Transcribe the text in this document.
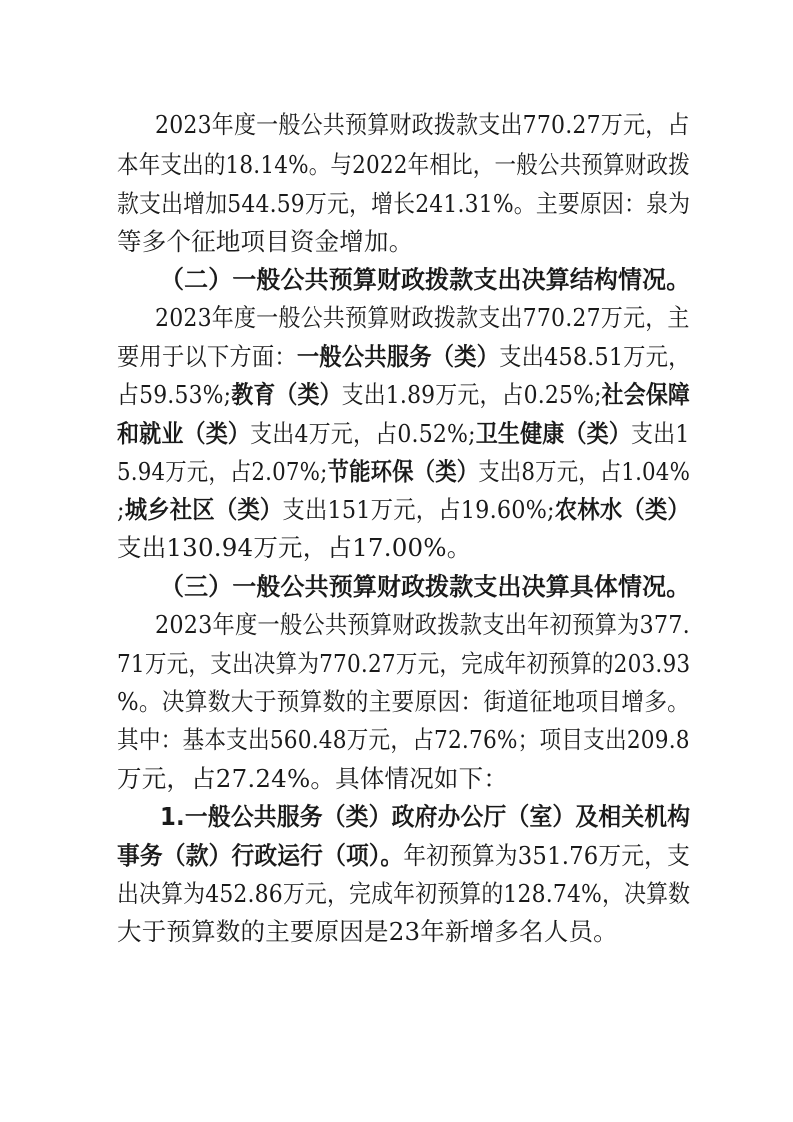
2023年度一般公共预算财政拨款支出770.27万元，占
本年支出的18.14%。与2022年相比，一般公共预算财政拨
款支出增加544.59万元，增长241.31%。主要原因：泉为
等多个征地项目资金增加。
（二）一般公共预算财政拨款支出决算结构情况。
2023年度一般公共预算财政拨款支出770.27万元，主
要用于以下方面：一般公共服务（类）支出458.51万元，
占59.53%;教育（类）支出1.89万元，占0.25%;社会保障
和就业（类）支出4万元，占0.52%;卫生健康（类）支出1
5.94万元，占2.07%;节能环保（类）支出8万元，占1.04%
;城乡社区（类）支出151万元，占19.60%;农林水（类）
支出130.94万元，占17.00%。
（三）一般公共预算财政拨款支出决算具体情况。
2023年度一般公共预算财政拨款支出年初预算为377.
71万元，支出决算为770.27万元，完成年初预算的203.93
%。决算数大于预算数的主要原因：街道征地项目增多。
其中：基本支出560.48万元，占72.76%；项目支出209.8
万元，占27.24%。具体情况如下：
1.一般公共服务（类）政府办公厅（室）及相关机构
事务（款）行政运行（项）。年初预算为351.76万元，支
出决算为452.86万元，完成年初预算的128.74%，决算数
大于预算数的主要原因是23年新增多名人员。
